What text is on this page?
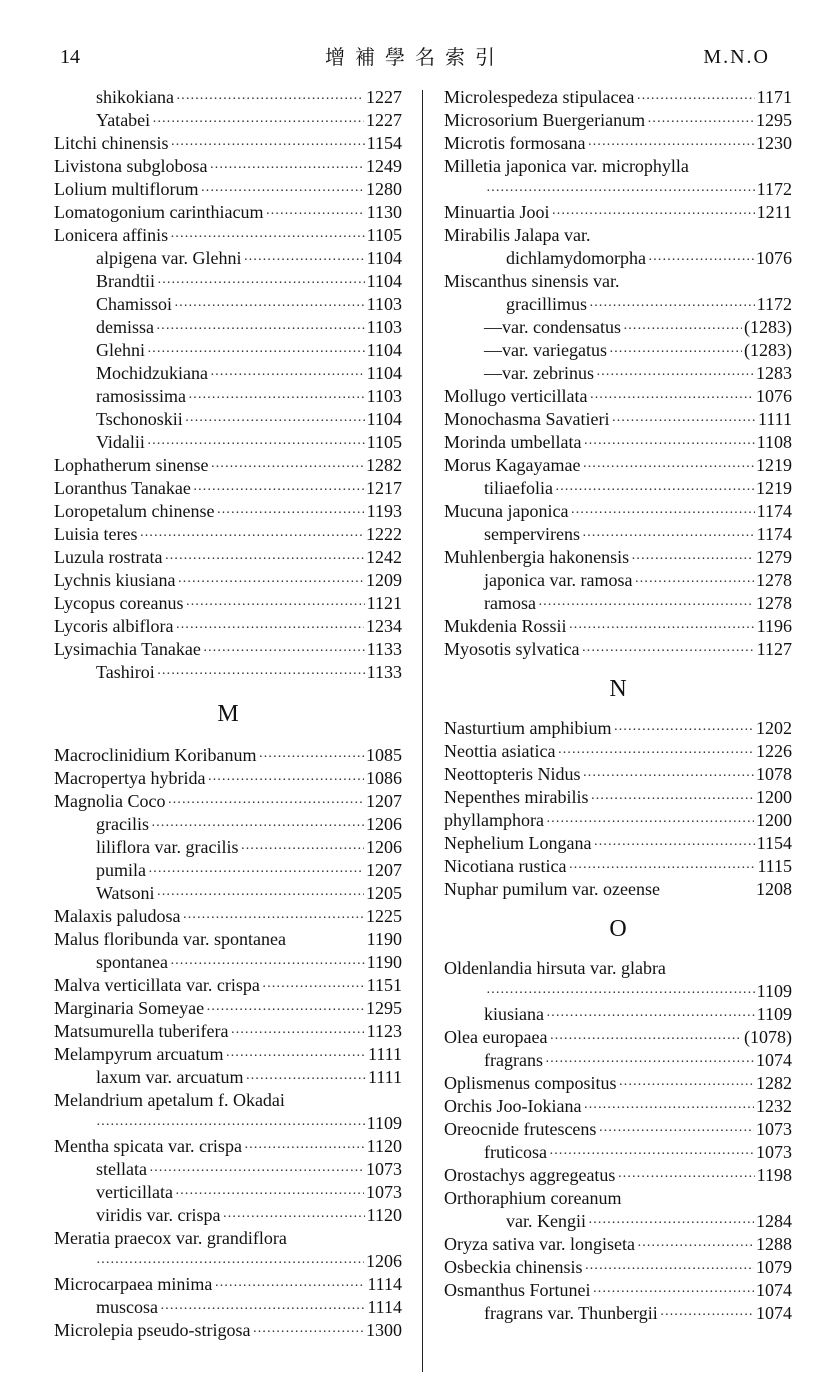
14	增補學名索引	M.N.O
shikokiana ·····	1227
Yatabei ·····	1227
Litchi chinensis ·····	1154
Livistona subglobosa ·····	1249
Lolium multiflorum ·····	1280
Lomatogonium carinthiacum ·····	1130
Lonicera affinis ·····	1105
alpigena var. Glehni ·····	1104
Brandtii ·····	1104
Chamissoi ·····	1103
demissa ·····	1103
Glehni ·····	1104
Mochidzukiana ·····	1104
ramosissima ·····	1103
Tschonoskii ·····	1104
Vidalii ·····	1105
Lophatherum sinense ·····	1282
Loranthus Tanakae ·····	1217
Loropetalum chinense ·····	1193
Luisia teres ·····	1222
Luzula rostrata ·····	1242
Lychnis kiusiana ·····	1209
Lycopus coreanus ·····	1121
Lycoris albiflora ·····	1234
Lysimachia Tanakae ·····	1133
Tashiroi ·····	1133
M
Macroclinidium Koribanum ·····	1085
Macropertya hybrida ·····	1086
Magnolia Coco ·····	1207
gracilis ·····	1206
liliflora var. gracilis ·····	1206
pumila ·····	1207
Watsoni ·····	1205
Malaxis paludosa ·····	1225
Malus floribunda var. spontanea	1190
spontanea ·····	1190
Malva verticillata var. crispa ·····	1151
Marginaria Someyae ·····	1295
Matsumurella tuberifera ·····	1123
Melampyrum arcuatum ·····	1111
laxum var. arcuatum ·····	1111
Melandrium apetalum f. Okadai
·····
1109
Mentha spicata var. crispa ·····	1120
stellata ·····	1073
verticillata ·····	1073
viridis var. crispa ·····	1120
Meratia praecox var. grandiflora
·····
1206
Microcarpaea minima ·····	1114
muscosa ·····	1114
Microlepia pseudo-strigosa ·····	1300
Microlespedeza stipulacea ·····	1171
Microsorium Buergerianum ·····	1295
Microtis formosana ·····	1230
Milletia japonica var. microphylla
·····
1172
Minuartia Jooi ·····	1211
Mirabilis Jalapa var.
dichlamydomorpha ·····	1076
Miscanthus sinensis var.
gracillimus ·····	1172
—var. condensatus ·····	(1283)
—var. variegatus ·····	(1283)
—var. zebrinus ·····	1283
Mollugo verticillata ·····	1076
Monochasma Savatieri ·····	1111
Morinda umbellata ·····	1108
Morus Kagayamae ·····	1219
tiliaefolia ·····	1219
Mucuna japonica ·····	1174
sempervirens ·····	1174
Muhlenbergia hakonensis ·····	1279
japonica var. ramosa ·····	1278
ramosa ·····	1278
Mukdenia Rossii ·····	1196
Myosotis sylvatica ·····	1127
N
Nasturtium amphibium ·····	1202
Neottia asiatica ·····	1226
Neottopteris Nidus ·····	1078
Nepenthes mirabilis ·····	1200
phyllamphora ·····	1200
Nephelium Longana ·····	1154
Nicotiana rustica ·····	1115
Nuphar pumilum var. ozeense	1208
O
Oldenlandia hirsuta var. glabra
·····
1109
kiusiana ·····	1109
Olea europaea ·····	(1078)
fragrans ·····	1074
Oplismenus compositus ·····	1282
Orchis Joo-Iokiana ·····	1232
Oreocnide frutescens ·····	1073
fruticosa ·····	1073
Orostachys aggregeatus ·····	1198
Orthoraphium coreanum
var. Kengii ·····	1284
Oryza sativa var. longiseta ·····	1288
Osbeckia chinensis ·····	1079
Osmanthus Fortunei ·····	1074
fragrans var. Thunbergii ·····	1074
